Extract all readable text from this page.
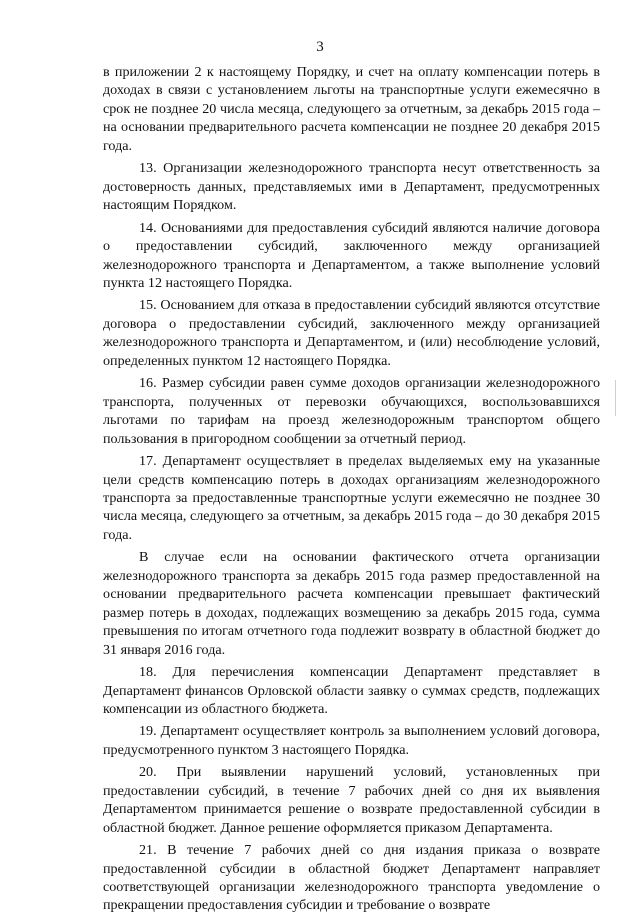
3

в приложении 2 к настоящему Порядку, и счет на оплату компенсации потерь в доходах в связи с установлением льготы на транспортные услуги ежемесячно в срок не позднее 20 числа месяца, следующего за отчетным, за декабрь 2015 года – на основании предварительного расчета компенсации не позднее 20 декабря 2015 года.

13. Организации железнодорожного транспорта несут ответственность за достоверность данных, представляемых ими в Департамент, предусмотренных настоящим Порядком.

14. Основаниями для предоставления субсидий являются наличие договора о предоставлении субсидий, заключенного между организацией железнодорожного транспорта и Департаментом, а также выполнение условий пункта 12 настоящего Порядка.

15. Основанием для отказа в предоставлении субсидий являются отсутствие договора о предоставлении субсидий, заключенного между организацией железнодорожного транспорта и Департаментом, и (или) несоблюдение условий, определенных пунктом 12 настоящего Порядка.

16. Размер субсидии равен сумме доходов организации железнодорожного транспорта, полученных от перевозки обучающихся, воспользовавшихся льготами по тарифам на проезд железнодорожным транспортом общего пользования в пригородном сообщении за отчетный период.

17. Департамент осуществляет в пределах выделяемых ему на указанные цели средств компенсацию потерь в доходах организациям железнодорожного транспорта за предоставленные транспортные услуги ежемесячно не позднее 30 числа месяца, следующего за отчетным, за декабрь 2015 года – до 30 декабря 2015 года.

В случае если на основании фактического отчета организации железнодорожного транспорта за декабрь 2015 года размер предоставленной на основании предварительного расчета компенсации превышает фактический размер потерь в доходах, подлежащих возмещению за декабрь 2015 года, сумма превышения по итогам отчетного года подлежит возврату в областной бюджет до 31 января 2016 года.

18. Для перечисления компенсации Департамент представляет в Департамент финансов Орловской области заявку о суммах средств, подлежащих компенсации из областного бюджета.

19. Департамент осуществляет контроль за выполнением условий договора, предусмотренного пунктом 3 настоящего Порядка.

20. При выявлении нарушений условий, установленных при предоставлении субсидий, в течение 7 рабочих дней со дня их выявления Департаментом принимается решение о возврате предоставленной субсидии в областной бюджет. Данное решение оформляется приказом Департамента.

21. В течение 7 рабочих дней со дня издания приказа о возврате предоставленной субсидии в областной бюджет Департамент направляет соответствующей организации железнодорожного транспорта уведомление о прекращении предоставления субсидии и требование о возврате
